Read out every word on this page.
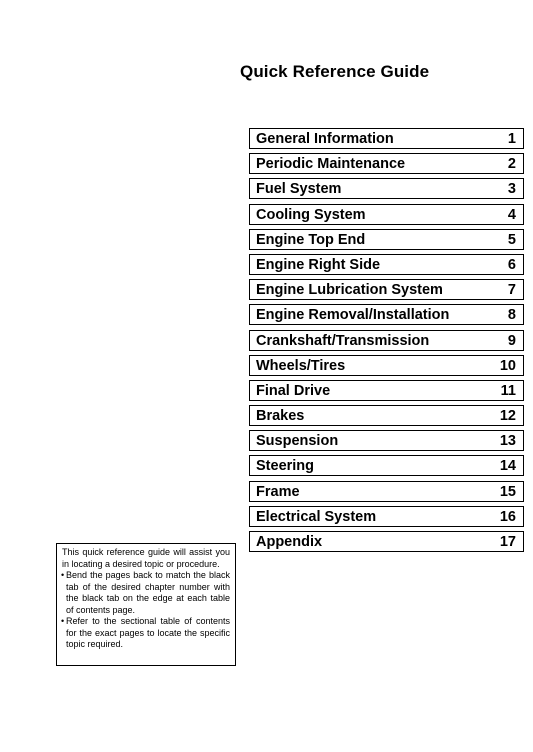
Quick Reference Guide
General Information	1
Periodic Maintenance	2
Fuel System	3
Cooling System	4
Engine Top End	5
Engine Right Side	6
Engine Lubrication System	7
Engine Removal/Installation	8
Crankshaft/Transmission	9
Wheels/Tires	10
Final Drive	11
Brakes	12
Suspension	13
Steering	14
Frame	15
Electrical System	16
Appendix	17

This quick reference guide will assist you in locating a desired topic or procedure.

• Bend the pages back to match the black tab of the desired chapter number with the black tab on the edge at each table of contents page.
• Refer to the sectional table of contents for the exact pages to locate the specific topic required.
